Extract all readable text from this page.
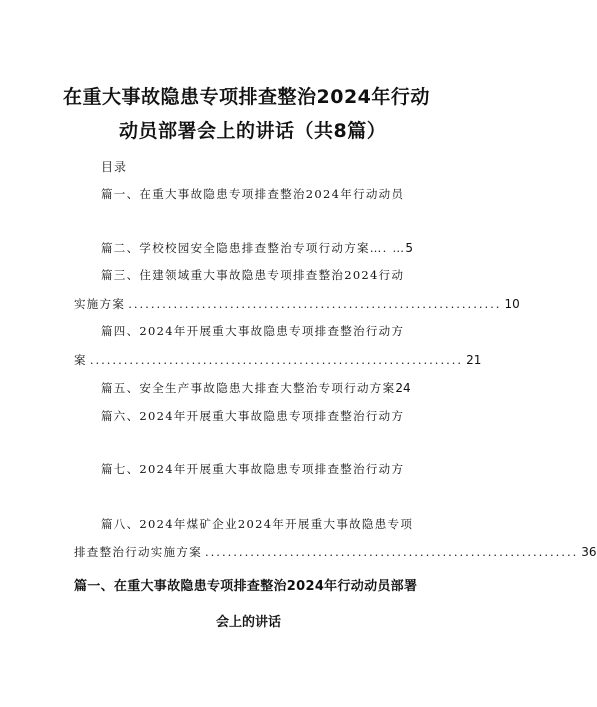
在重大事故隐患专项排查整治2024年行动
动员部署会上的讲话（共8篇）
目录
篇一、在重大事故隐患专项排查整治2024年行动动员
篇二、学校校园安全隐患排查整治专项行动方案…. …5
篇三、住建领域重大事故隐患专项排查整治2024行动
实施方案 .................................................................. 10
篇四、2024年开展重大事故隐患专项排查整治行动方
案 .................................................................. 21
篇五、安全生产事故隐患大排查大整治专项行动方案24
篇六、2024年开展重大事故隐患专项排查整治行动方
篇七、2024年开展重大事故隐患专项排查整治行动方
篇八、2024年煤矿企业2024年开展重大事故隐患专项
排查整治行动实施方案 .................................................................. 36
篇一、在重大事故隐患专项排查整治2024年行动动员部署
会上的讲话
